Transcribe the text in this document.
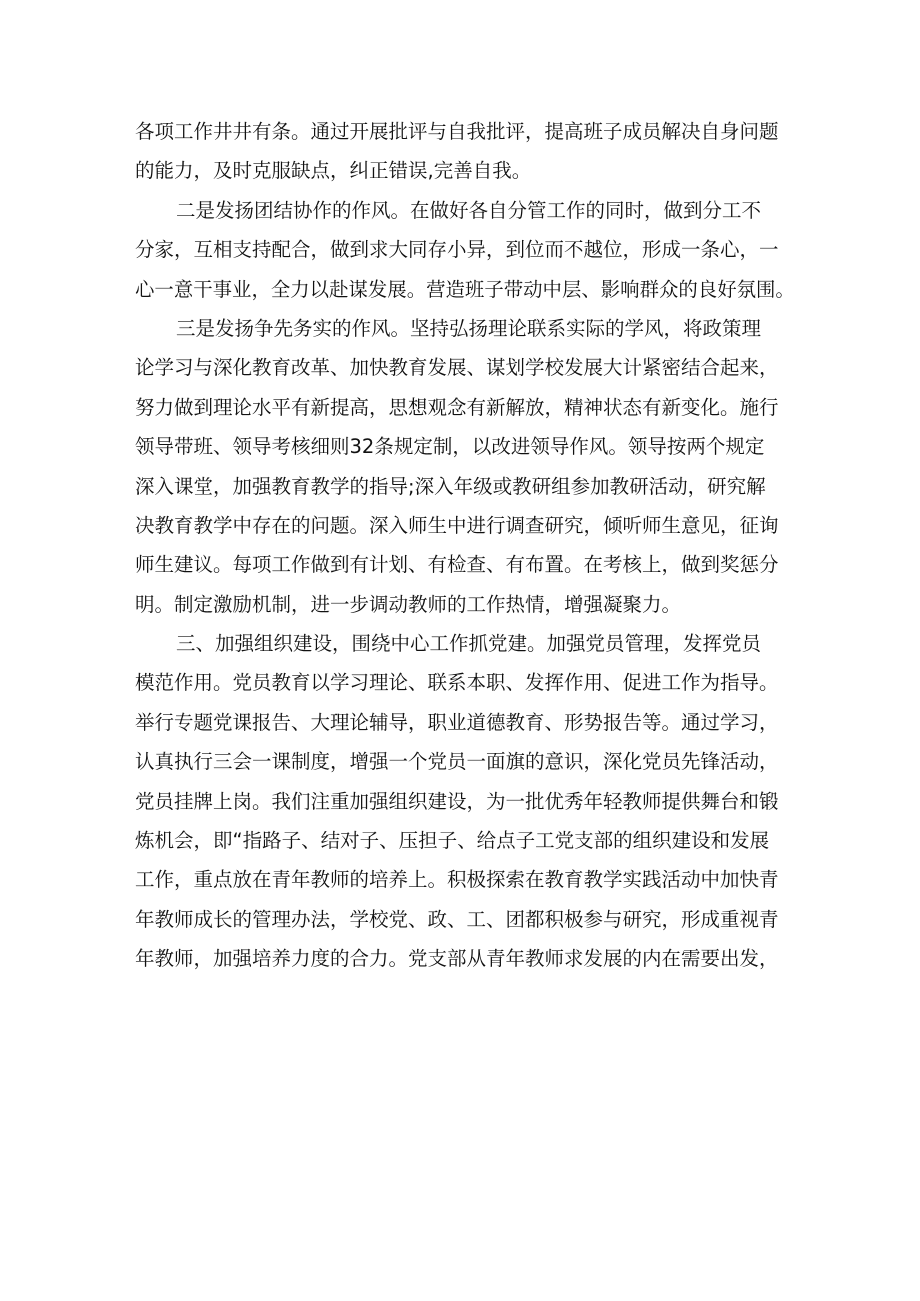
各项工作井井有条。通过开展批评与自我批评，提高班子成员解决自身问题
的能力，及时克服缺点，纠正错误,完善自我。
二是发扬团结协作的作风。在做好各自分管工作的同时，做到分工不
分家，互相支持配合，做到求大同存小异，到位而不越位，形成一条心，一
心一意干事业，全力以赴谋发展。营造班子带动中层、影响群众的良好氛围。
三是发扬争先务实的作风。坚持弘扬理论联系实际的学风，将政策理
论学习与深化教育改革、加快教育发展、谋划学校发展大计紧密结合起来，
努力做到理论水平有新提高，思想观念有新解放，精神状态有新变化。施行
领导带班、领导考核细则32条规定制，以改进领导作风。领导按两个规定
深入课堂，加强教育教学的指导;深入年级或教研组参加教研活动，研究解
决教育教学中存在的问题。深入师生中进行调查研究，倾听师生意见，征询
师生建议。每项工作做到有计划、有检查、有布置。在考核上，做到奖惩分
明。制定激励机制，进一步调动教师的工作热情，增强凝聚力。
三、加强组织建设，围绕中心工作抓党建。加强党员管理，发挥党员
模范作用。党员教育以学习理论、联系本职、发挥作用、促进工作为指导。
举行专题党课报告、大理论辅导，职业道德教育、形势报告等。通过学习，
认真执行三会一课制度，增强一个党员一面旗的意识，深化党员先锋活动，
党员挂牌上岗。我们注重加强组织建设，为一批优秀年轻教师提供舞台和锻
炼机会，即“指路子、结对子、压担子、给点子工党支部的组织建设和发展
工作，重点放在青年教师的培养上。积极探索在教育教学实践活动中加快青
年教师成长的管理办法，学校党、政、工、团都积极参与研究，形成重视青
年教师，加强培养力度的合力。党支部从青年教师求发展的内在需要出发，
